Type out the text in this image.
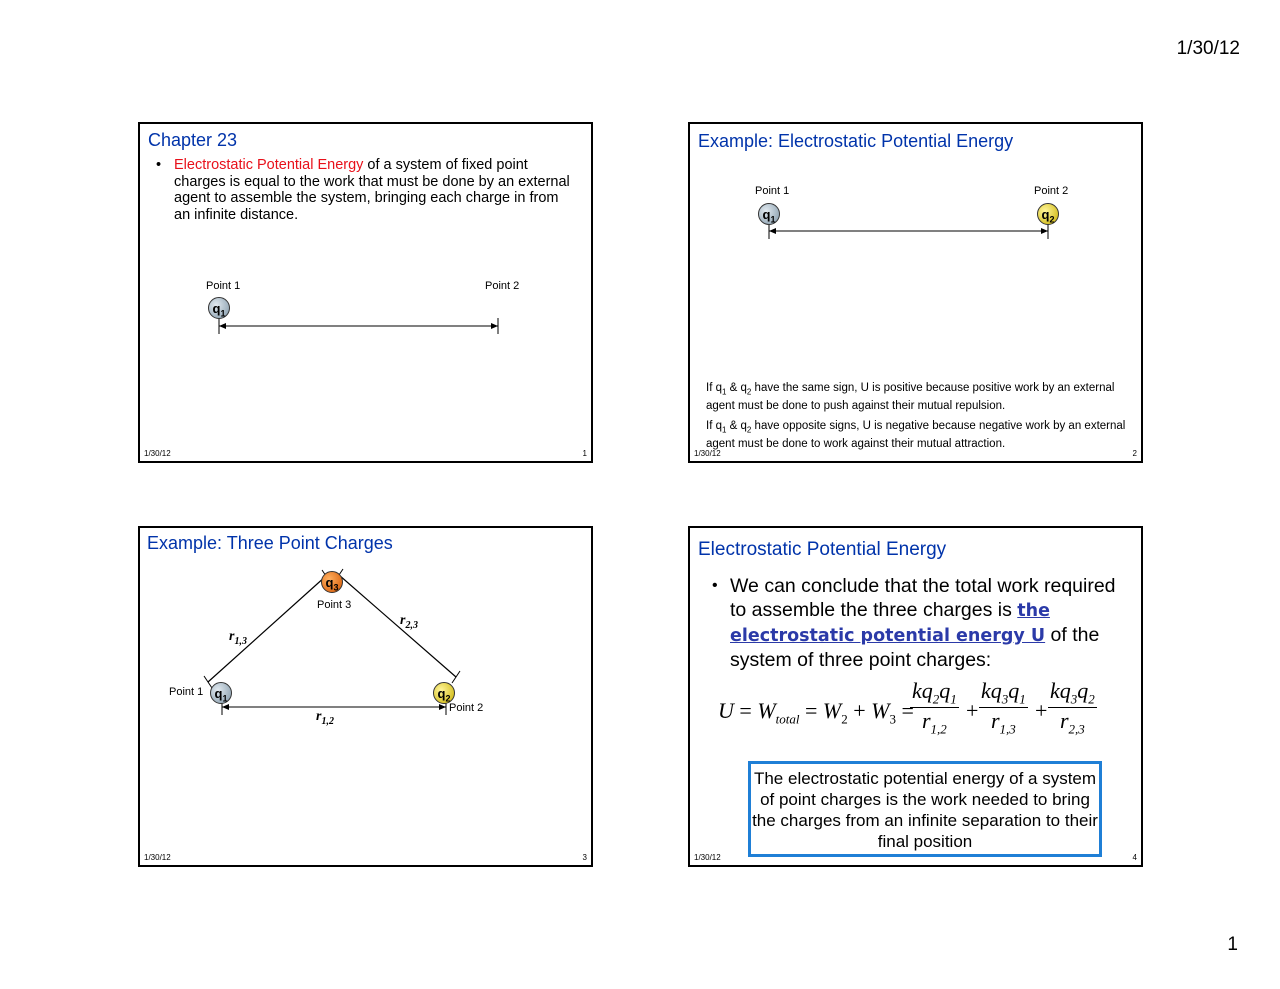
1/30/12
Chapter 23
• Electrostatic Potential Energy of a system of fixed point charges is equal to the work that must be done by an external agent to assemble the system, bringing each charge in from an infinite distance.
Point 1	Point 2
$q_1$
1/30/12	1
Example: Electrostatic Potential Energy
Point 1	Point 2
$q_1$	$q_2$
If $q_1$ & $q_2$ have the same sign, U is positive because positive work by an external agent must be done to push against their mutual repulsion.
If $q_1$ & $q_2$ have opposite signs, U is negative because negative work by an external agent must be done to work against their mutual attraction.
1/30/12	2
Example: Three Point Charges
$q_3$
$q_1$	$q_2$
Point 3
Point 1
Point 2
$r_{1,2}$
$r_{1,3}$
$r_{2,3}$
1/30/12	3
Electrostatic Potential Energy
• We can conclude that the total work required to assemble the three charges is the electrostatic potential energy U of the system of three point charges:
$U = W_{total} = W_2 + W_3$ =
$\frac{kq_2q_1}{r_{1,2}} + \frac{kq_3q_1}{r_{1,3}} + \frac{kq_3q_2}{r_{2,3}}$
The electrostatic potential energy of a system of point charges is the work needed to bring the charges from an infinite separation to their final position
1/30/12	4
1
